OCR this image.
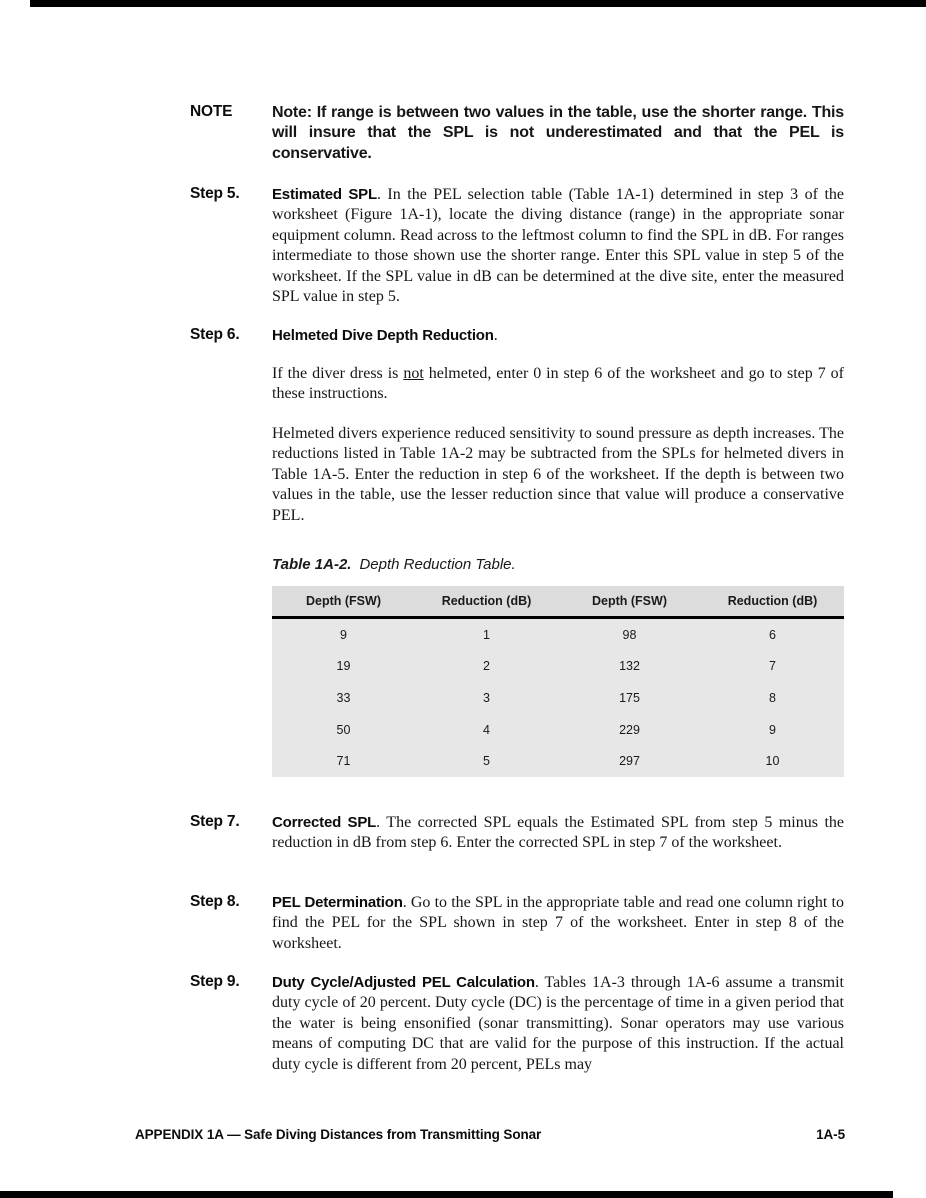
NOTE Note: If range is between two values in the table, use the shorter range. This will insure that the SPL is not underestimated and that the PEL is conservative.
Step 5. Estimated SPL. In the PEL selection table (Table 1A-1) determined in step 3 of the worksheet (Figure 1A-1), locate the diving distance (range) in the appropriate sonar equipment column. Read across to the leftmost column to find the SPL in dB. For ranges intermediate to those shown use the shorter range. Enter this SPL value in step 5 of the worksheet. If the SPL value in dB can be determined at the dive site, enter the measured SPL value in step 5.
Step 6. Helmeted Dive Depth Reduction.
If the diver dress is not helmeted, enter 0 in step 6 of the worksheet and go to step 7 of these instructions.
Helmeted divers experience reduced sensitivity to sound pressure as depth increases. The reductions listed in Table 1A-2 may be subtracted from the SPLs for helmeted divers in Table 1A-5. Enter the reduction in step 6 of the worksheet. If the depth is between two values in the table, use the lesser reduction since that value will produce a conservative PEL.
Table 1A-2. Depth Reduction Table.
Depth (FSW)	Reduction (dB)	Depth (FSW)	Reduction (dB)
9	1	98	6
19	2	132	7
33	3	175	8
50	4	229	9
71	5	297	10
Step 7. Corrected SPL. The corrected SPL equals the Estimated SPL from step 5 minus the reduction in dB from step 6. Enter the corrected SPL in step 7 of the worksheet.
Step 8. PEL Determination. Go to the SPL in the appropriate table and read one column right to find the PEL for the SPL shown in step 7 of the worksheet. Enter in step 8 of the worksheet.
Step 9. Duty Cycle/Adjusted PEL Calculation. Tables 1A-3 through 1A-6 assume a transmit duty cycle of 20 percent. Duty cycle (DC) is the percentage of time in a given period that the water is being ensonified (sonar transmitting). Sonar operators may use various means of computing DC that are valid for the purpose of this instruction. If the actual duty cycle is different from 20 percent, PELs may
APPENDIX 1A — Safe Diving Distances from Transmitting Sonar	1A-5
